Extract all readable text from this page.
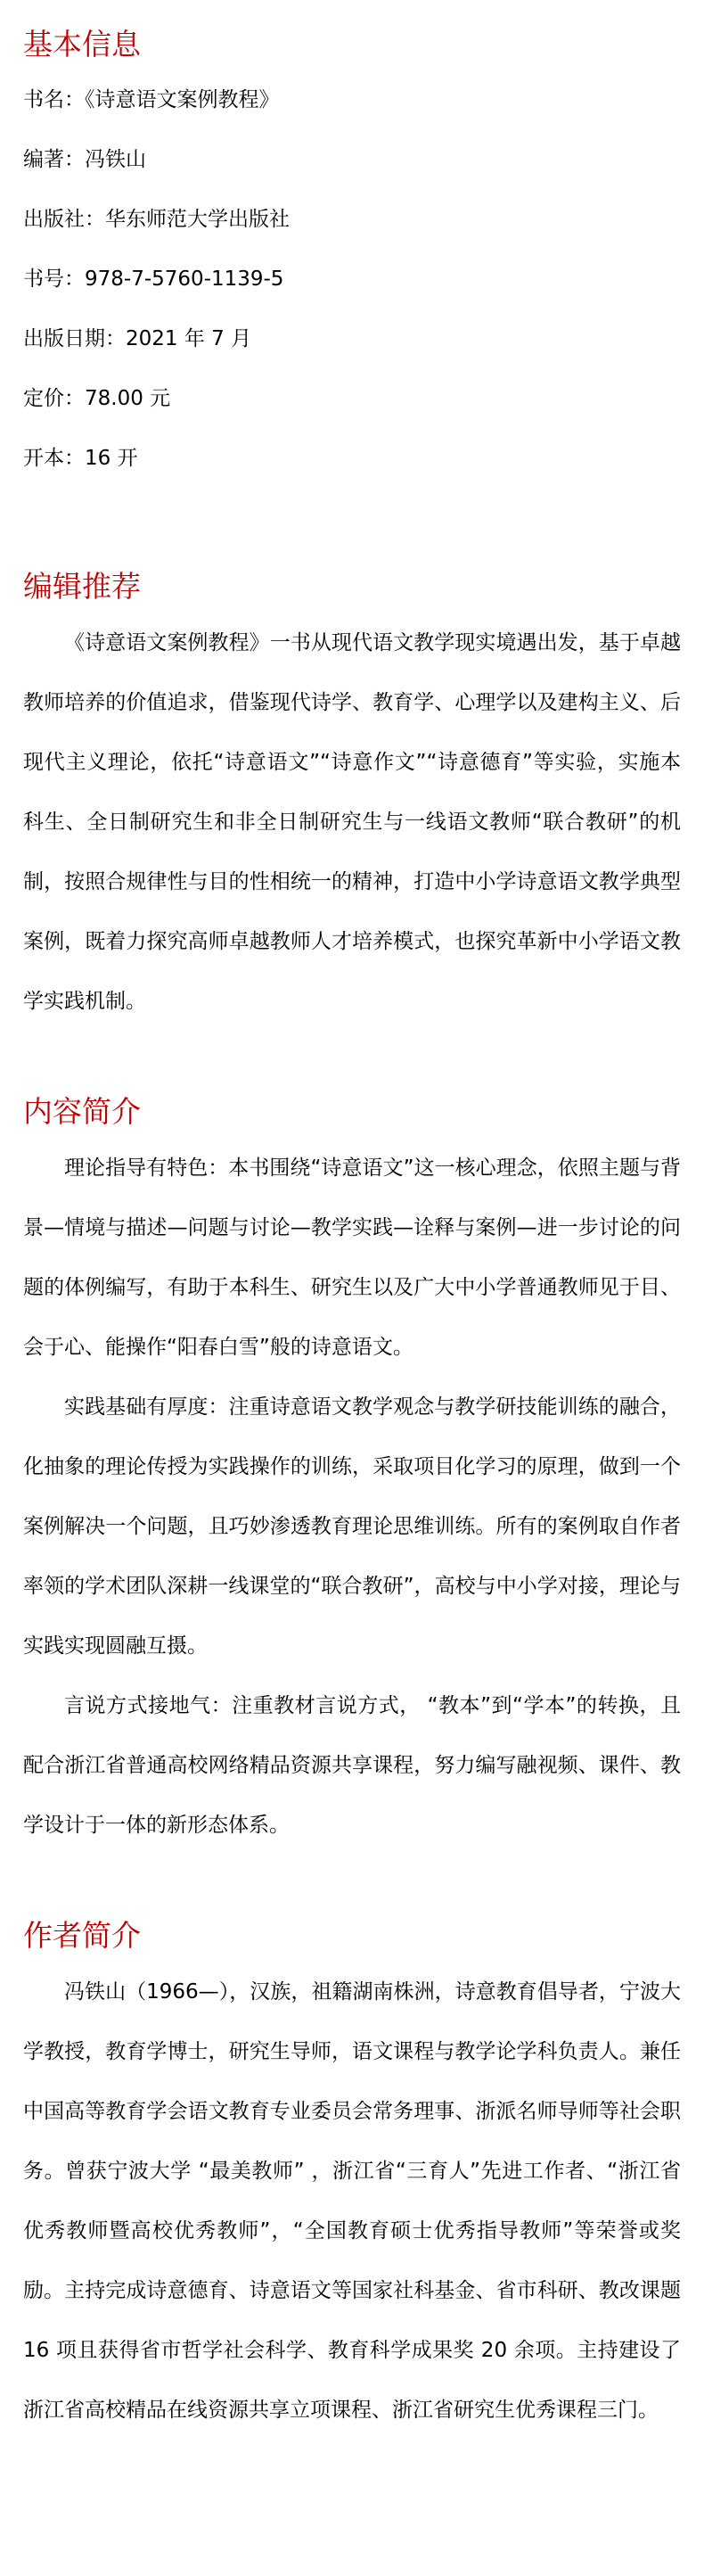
基本信息
书名：《诗意语文案例教程》
编著：冯铁山
出版社：华东师范大学出版社
书号：978-7-5760-1139-5
出版日期：2021 年 7 月
定价：78.00 元
开本：16 开
编辑推荐

《诗意语文案例教程》一书从现代语文教学现实境遇出发，基于卓越教师培养的价值追求，借鉴现代诗学、教育学、心理学以及建构主义、后现代主义理论，依托“诗意语文”“诗意作文”“诗意德育”等实验，实施本科生、全日制研究生和非全日制研究生与一线语文教师“联合教研”的机制，按照合规律性与目的性相统一的精神，打造中小学诗意语文教学典型案例，既着力探究高师卓越教师人才培养模式，也探究革新中小学语文教学实践机制。

内容简介

理论指导有特色：本书围绕“诗意语文”这一核心理念，依照主题与背景—情境与描述—问题与讨论—教学实践—诠释与案例—进一步讨论的问题的体例编写，有助于本科生、研究生以及广大中小学普通教师见于目、会于心、能操作“阳春白雪”般的诗意语文。

实践基础有厚度：注重诗意语文教学观念与教学研技能训练的融合，化抽象的理论传授为实践操作的训练，采取项目化学习的原理，做到一个案例解决一个问题，且巧妙渗透教育理论思维训练。所有的案例取自作者率领的学术团队深耕一线课堂的“联合教研”，高校与中小学对接，理论与实践实现圆融互摄。

言说方式接地气：注重教材言说方式， “教本”到“学本”的转换，且配合浙江省普通高校网络精品资源共享课程，努力编写融视频、课件、教学设计于一体的新形态体系。

作者简介

冯铁山（1966—），汉族，祖籍湖南株洲，诗意教育倡导者，宁波大学教授，教育学博士，研究生导师，语文课程与教学论学科负责人。兼任中国高等教育学会语文教育专业委员会常务理事、浙派名师导师等社会职务。曾获宁波大学 “最美教师” ，浙江省“三育人”先进工作者、“浙江省优秀教师暨高校优秀教师”，“全国教育硕士优秀指导教师”等荣誉或奖励。主持完成诗意德育、诗意语文等国家社科基金、省市科研、教改课题 16 项且获得省市哲学社会科学、教育科学成果奖 20 余项。主持建设了浙江省高校精品在线资源共享立项课程、浙江省研究生优秀课程三门。
